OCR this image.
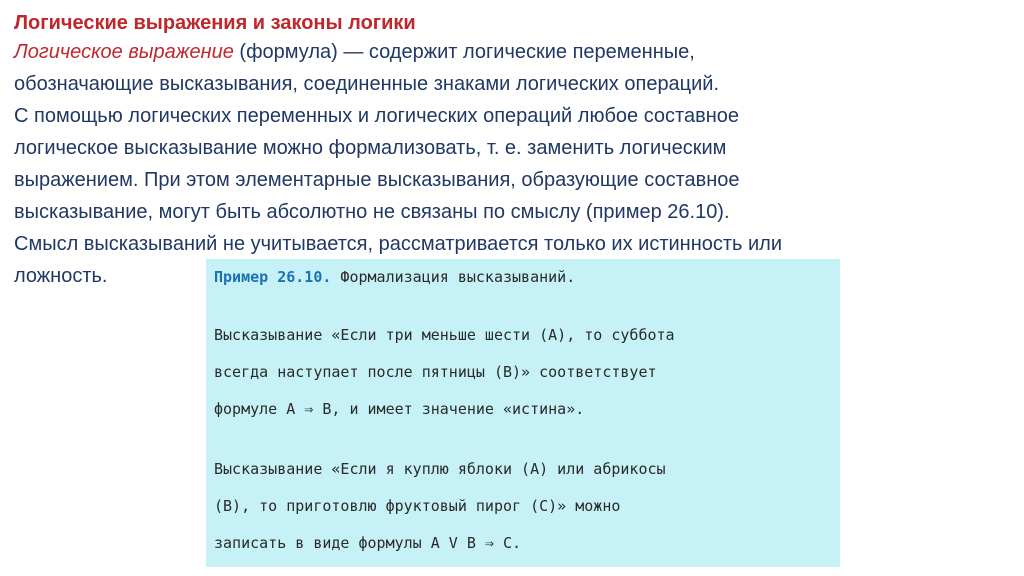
Логические выражения и законы логики
Логическое выражение (формула) — содержит логические переменные,
обозначающие высказывания, соединенные знаками логических операций.
С помощью логических переменных и логических операций любое составное
логическое высказывание можно формализовать, т. е. заменить логическим
выражением. При этом элементарные высказывания, образующие составное
высказывание, могут быть абсолютно не связаны по смыслу (пример 26.10).
Смысл высказываний не учитывается, рассматривается только их истинность или
ложность.	Пример 26.10. Формализация высказываний.
Высказывание «Если три меньше шести (A), то суббота
всегда наступает после пятницы (B)» соответствует
формуле A ⇒ B, и имеет значение «истина».
Высказывание «Если я куплю яблоки (A) или абрикосы
(B), то приготовлю фруктовый пирог (C)» можно
записать в виде формулы A V B ⇒ C.
